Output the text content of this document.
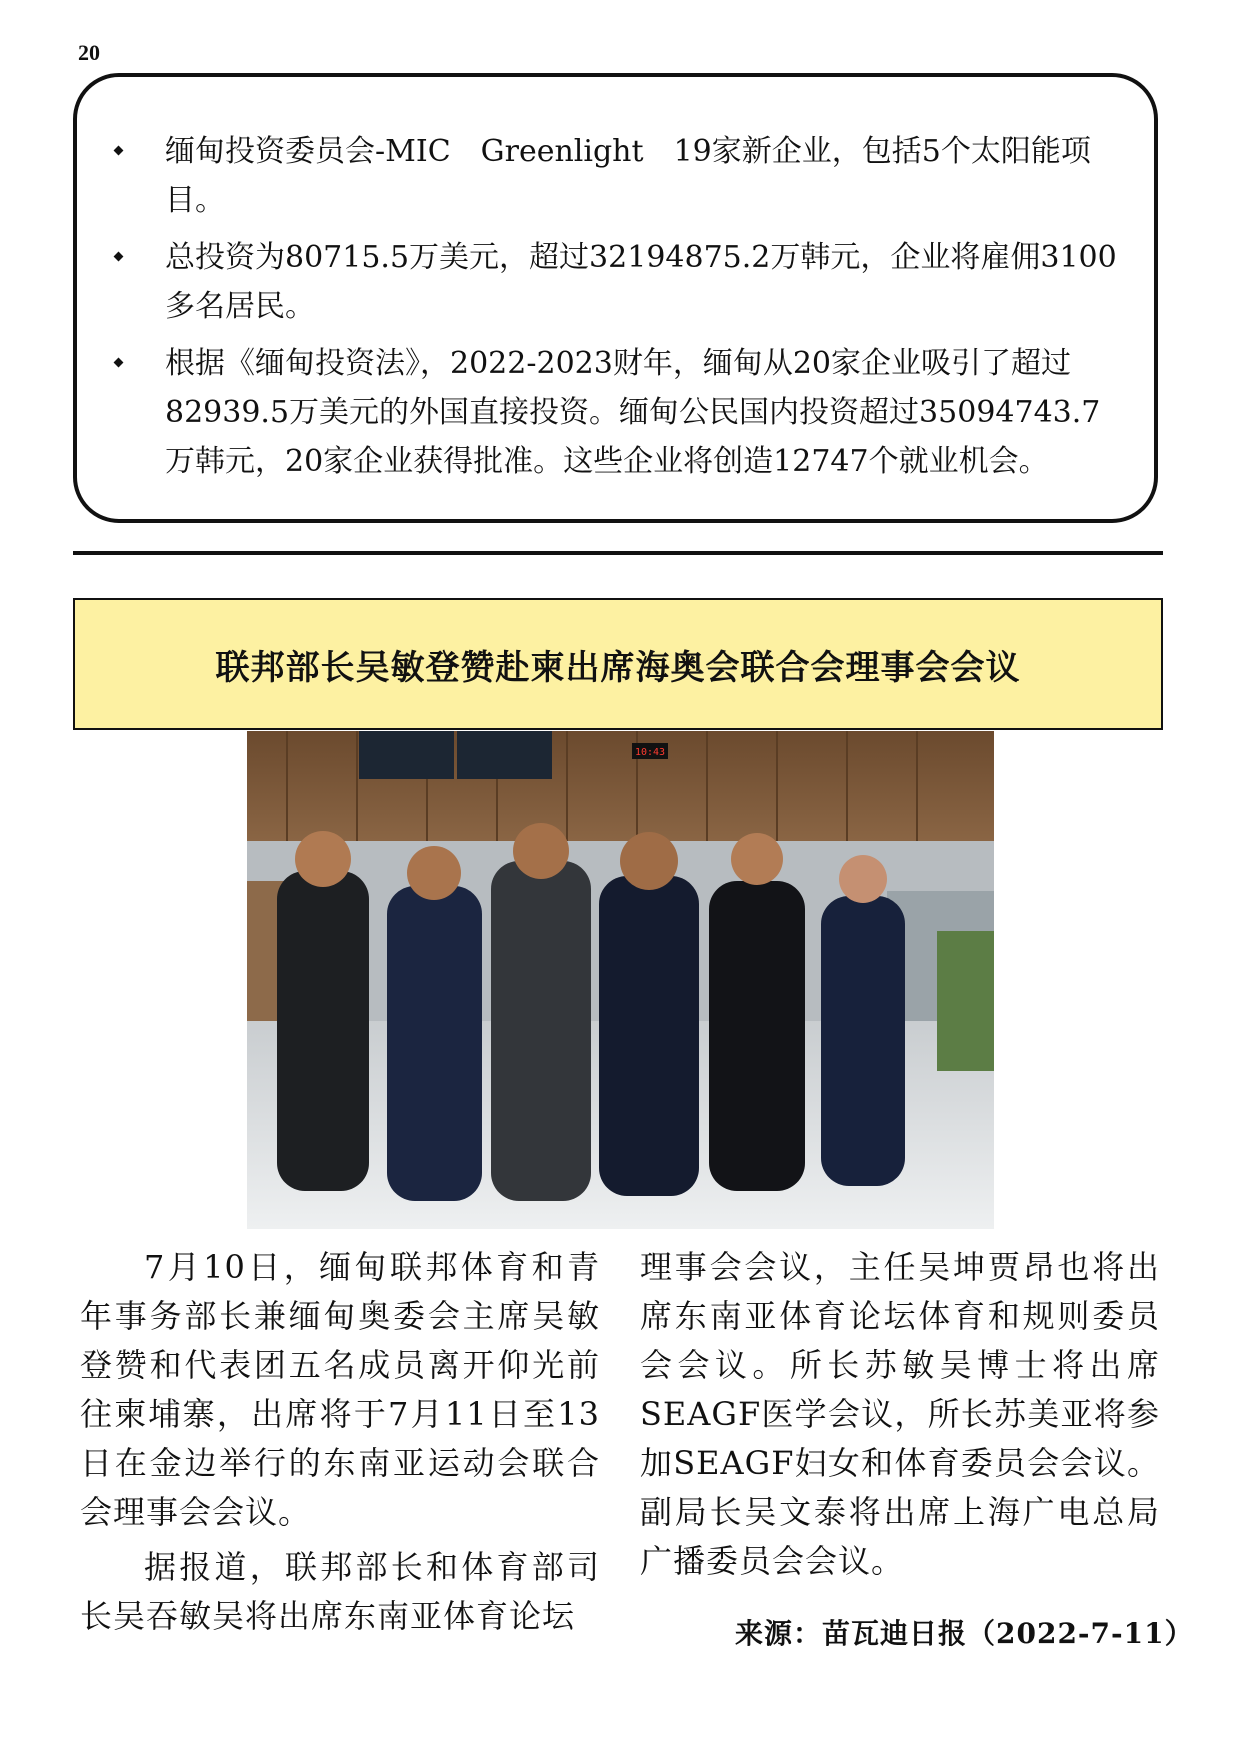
20
缅甸投资委员会-MIC　Greenlight　19家新企业，包括5个太阳能项目。
总投资为80715.5万美元，超过32194875.2万韩元，企业将雇佣3100多名居民。
根据《缅甸投资法》，2022-2023财年，缅甸从20家企业吸引了超过82939.5万美元的外国直接投资。缅甸公民国内投资超过35094743.7万韩元，20家企业获得批准。这些企业将创造12747个就业机会。
联邦部长吴敏登赞赴柬出席海奥会联合会理事会会议
10:43

7月10日，缅甸联邦体育和青年事务部长兼缅甸奥委会主席吴敏登赞和代表团五名成员离开仰光前往柬埔寨，出席将于7月11日至13日在金边举行的东南亚运动会联合会理事会会议。

据报道，联邦部长和体育部司长吴吞敏吴将出席东南亚体育论坛

理事会会议，主任吴坤贾昂也将出席东南亚体育论坛体育和规则委员会会议。所长苏敏吴博士将出席SEAGF医学会议，所长苏美亚将参加SEAGF妇女和体育委员会会议。副局长吴文泰将出席上海广电总局广播委员会会议。

来源：苗瓦迪日报（2022-7-11）
